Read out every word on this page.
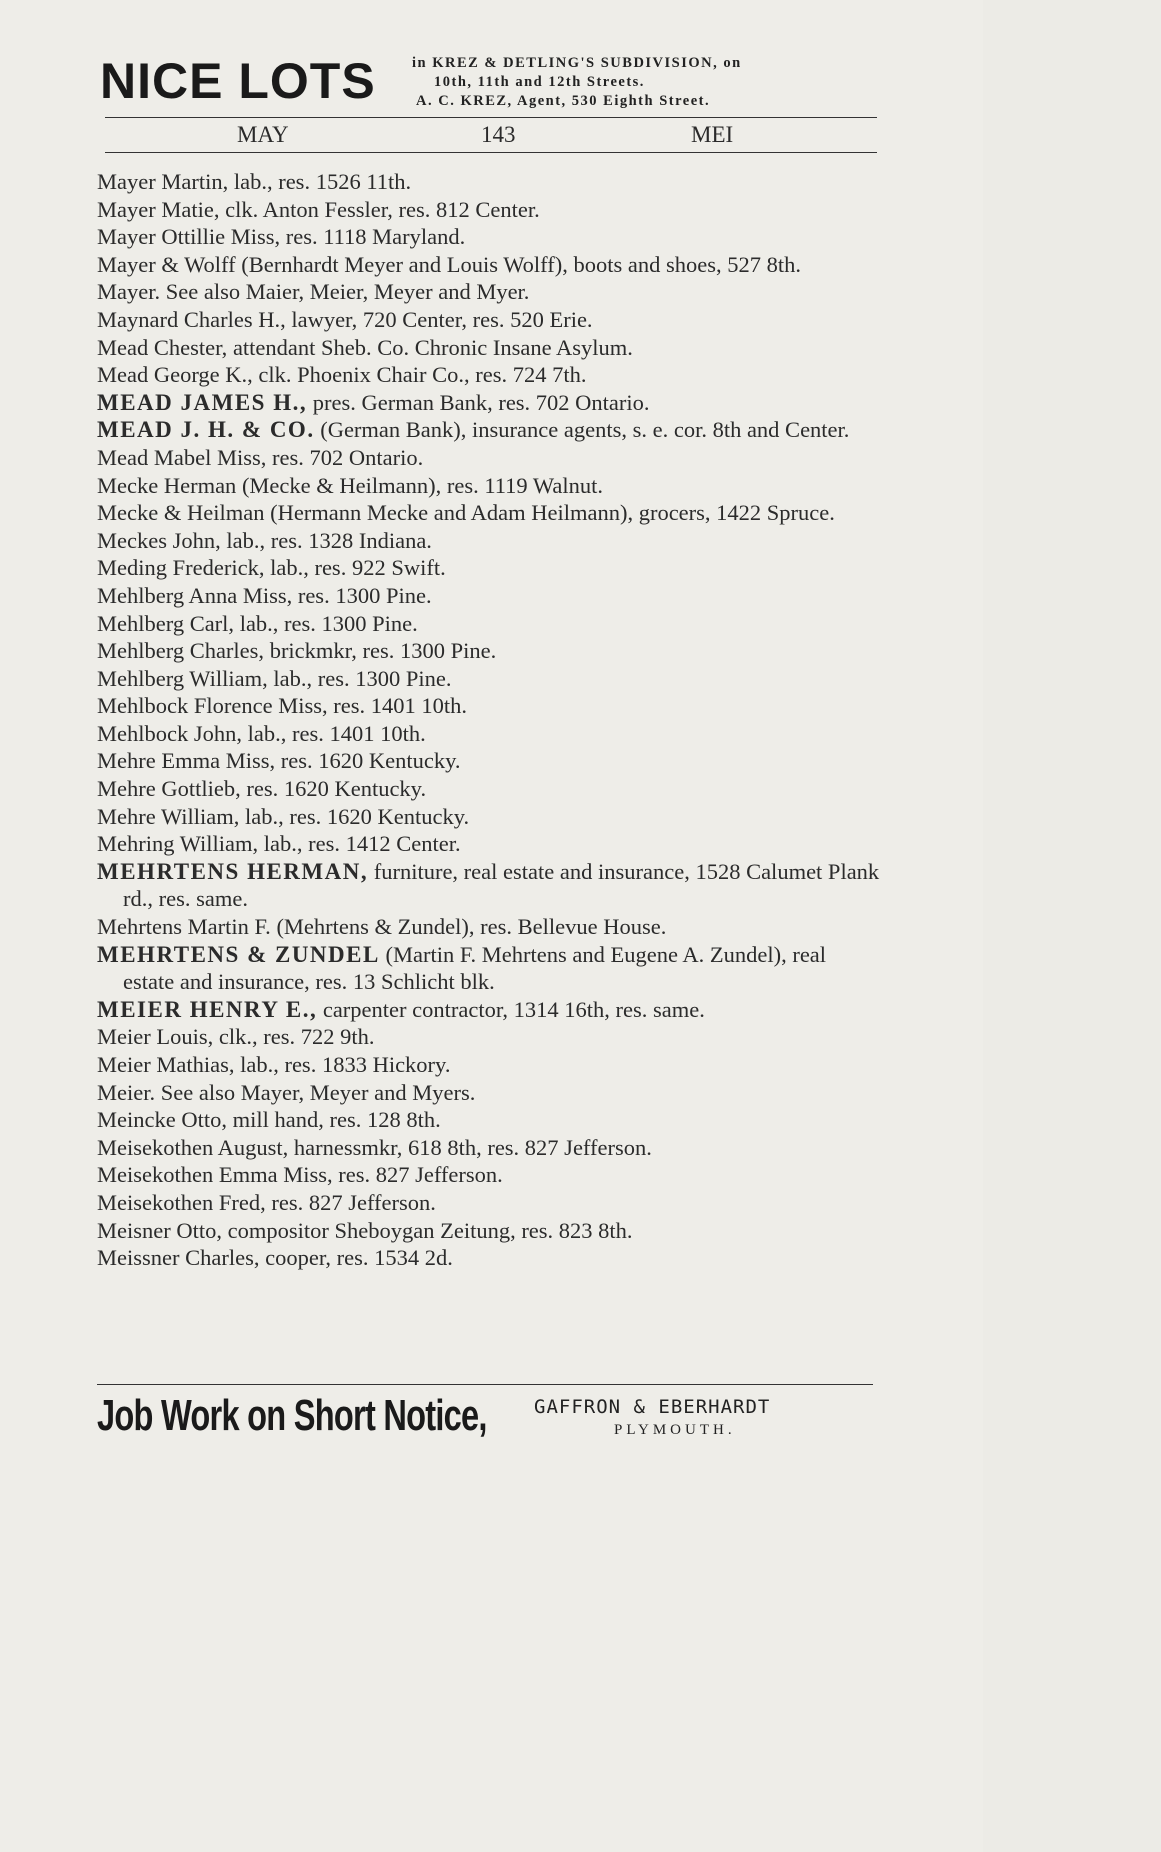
NICE LOTS	in KREZ & DETLING'S SUBDIVISION, on
10th, 11th and 12th Streets.
A. C. KREZ, Agent, 530 Eighth Street.
MAY	143	MEI
Mayer Martin, lab., res. 1526 11th.
Mayer Matie, clk. Anton Fessler, res. 812 Center.
Mayer Ottillie Miss, res. 1118 Maryland.
Mayer & Wolff (Bernhardt Meyer and Louis Wolff), boots and shoes, 527 8th.
Mayer. See also Maier, Meier, Meyer and Myer.
Maynard Charles H., lawyer, 720 Center, res. 520 Erie.
Mead Chester, attendant Sheb. Co. Chronic Insane Asylum.
Mead George K., clk. Phoenix Chair Co., res. 724 7th.
MEAD JAMES H., pres. German Bank, res. 702 Ontario.
MEAD J. H. & CO. (German Bank), insurance agents, s. e. cor. 8th and Center.
Mead Mabel Miss, res. 702 Ontario.
Mecke Herman (Mecke & Heilmann), res. 1119 Walnut.
Mecke & Heilman (Hermann Mecke and Adam Heilmann), grocers, 1422 Spruce.
Meckes John, lab., res. 1328 Indiana.
Meding Frederick, lab., res. 922 Swift.
Mehlberg Anna Miss, res. 1300 Pine.
Mehlberg Carl, lab., res. 1300 Pine.
Mehlberg Charles, brickmkr, res. 1300 Pine.
Mehlberg William, lab., res. 1300 Pine.
Mehlbock Florence Miss, res. 1401 10th.
Mehlbock John, lab., res. 1401 10th.
Mehre Emma Miss, res. 1620 Kentucky.
Mehre Gottlieb, res. 1620 Kentucky.
Mehre William, lab., res. 1620 Kentucky.
Mehring William, lab., res. 1412 Center.
MEHRTENS HERMAN, furniture, real estate and insurance, 1528 Calumet Plank rd., res. same.
Mehrtens Martin F. (Mehrtens & Zundel), res. Bellevue House.
MEHRTENS & ZUNDEL (Martin F. Mehrtens and Eugene A. Zundel), real estate and insurance, res. 13 Schlicht blk.
MEIER HENRY E., carpenter contractor, 1314 16th, res. same.
Meier Louis, clk., res. 722 9th.
Meier Mathias, lab., res. 1833 Hickory.
Meier. See also Mayer, Meyer and Myers.
Meincke Otto, mill hand, res. 128 8th.
Meisekothen August, harnessmkr, 618 8th, res. 827 Jefferson.
Meisekothen Emma Miss, res. 827 Jefferson.
Meisekothen Fred, res. 827 Jefferson.
Meisner Otto, compositor Sheboygan Zeitung, res. 823 8th.
Meissner Charles, cooper, res. 1534 2d.
Job Work on Short Notice, GAFFRON & EBERHARDT
PLYMOUTH.
